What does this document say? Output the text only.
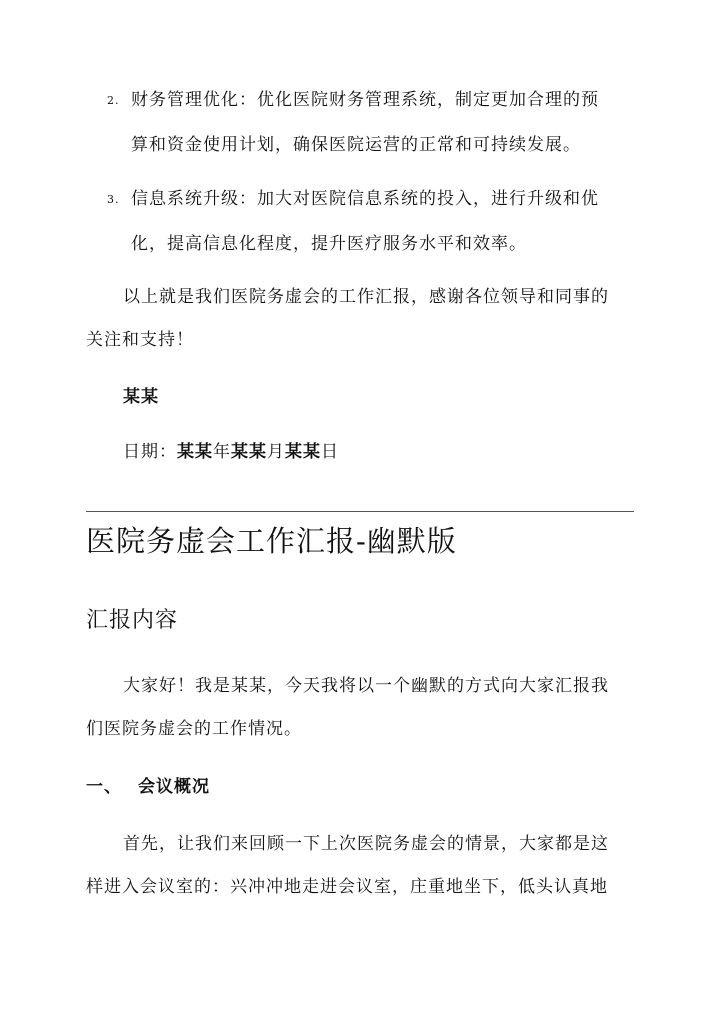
2. 财务管理优化：优化医院财务管理系统，制定更加合理的预
算和资金使用计划，确保医院运营的正常和可持续发展。
3. 信息系统升级：加大对医院信息系统的投入，进行升级和优
化，提高信息化程度，提升医疗服务水平和效率。
以上就是我们医院务虚会的工作汇报，感谢各位领导和同事的
关注和支持！
某某
日期：某某年某某月某某日
医院务虚会工作汇报-幽默版
汇报内容
大家好！我是某某，今天我将以一个幽默的方式向大家汇报我
们医院务虚会的工作情况。
一、 会议概况
首先，让我们来回顾一下上次医院务虚会的情景，大家都是这
样进入会议室的：兴冲冲地走进会议室，庄重地坐下，低头认真地
